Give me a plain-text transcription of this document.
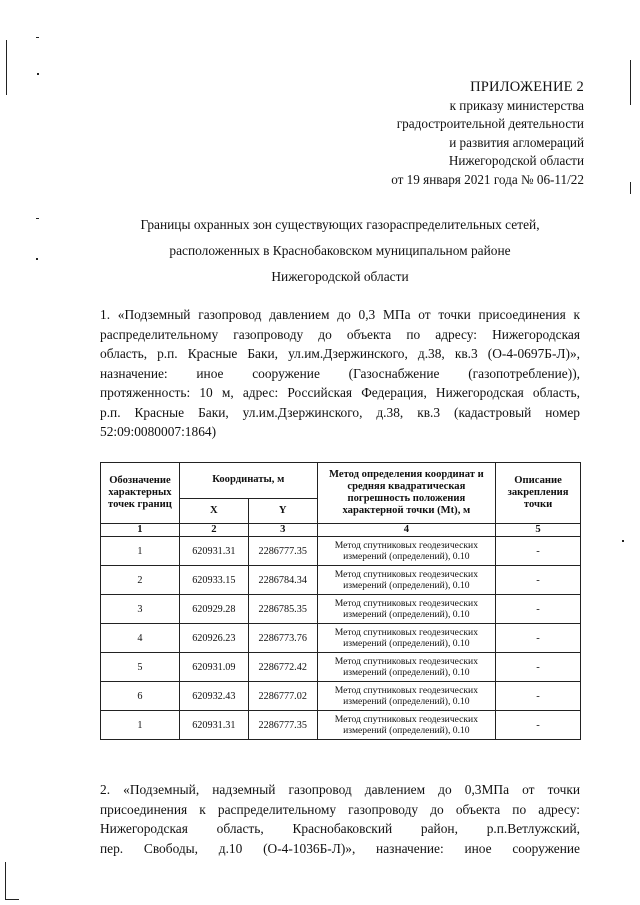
ПРИЛОЖЕНИЕ 2
к приказу министерства
градостроительной деятельности
и развития агломераций
Нижегородской области
от 19 января 2021 года № 06-11/22
Границы охранных зон существующих газораспределительных сетей,
расположенных в Краснобаковском муниципальном районе
Нижегородской области
1. «Подземный газопровод давлением до 0,3 МПа от точки присоединения к
распределительному газопроводу до объекта по адресу: Нижегородская
область, р.п. Красные Баки, ул.им.Дзержинского, д.38, кв.3 (О-4-0697Б-Л)»,
назначение: иное сооружение (Газоснабжение (газопотребление)),
протяженность: 10 м, адрес: Российская Федерация, Нижегородская область,
р.п. Красные Баки, ул.им.Дзержинского, д.38, кв.3 (кадастровый номер
52:09:0080007:1864)
Обозначение характерных точек границ	Координаты, м		Метод определения координат и средняя квадратическая погрешность положения характерной точки (Mt), м	Описание закрепления точки
	X	Y		
1	2	3	4	5
1	620931.31	2286777.35	Метод спутниковых геодезических измерений (определений), 0.10	-
2	620933.15	2286784.34	Метод спутниковых геодезических измерений (определений), 0.10	-
3	620929.28	2286785.35	Метод спутниковых геодезических измерений (определений), 0.10	-
4	620926.23	2286773.76	Метод спутниковых геодезических измерений (определений), 0.10	-
5	620931.09	2286772.42	Метод спутниковых геодезических измерений (определений), 0.10	-
6	620932.43	2286777.02	Метод спутниковых геодезических измерений (определений), 0.10	-
1	620931.31	2286777.35	Метод спутниковых геодезических измерений (определений), 0.10	-
2. «Подземный, надземный газопровод давлением до 0,3МПа от точки
присоединения к распределительному газопроводу до объекта по адресу:
Нижегородская область, Краснобаковский район, р.п.Ветлужский,
пер. Свободы, д.10 (О-4-1036Б-Л)», назначение: иное сооружение
